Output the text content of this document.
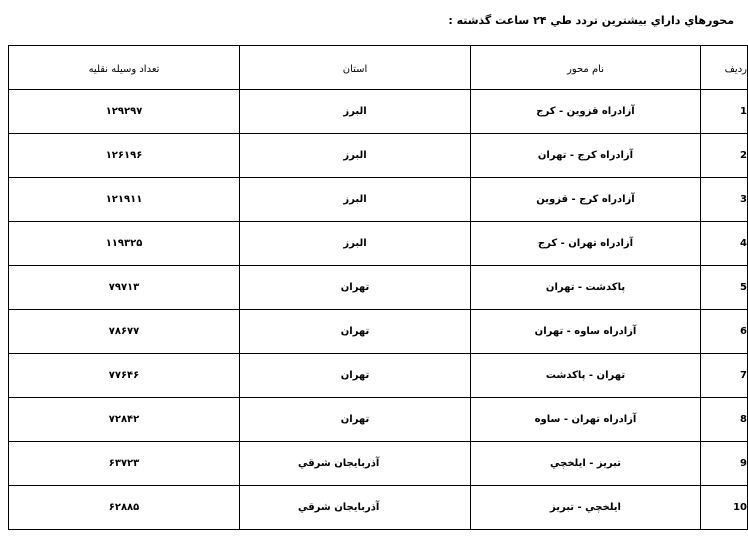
محورهاي داراي بيشترين تردد طي ۲۴ ساعت گذشته :
رديف	نام محور	استان	تعداد وسيله نقليه
1	آزادراه قزوين - كرج	البرز	۱۲۹۲۹۷
2	آزادراه كرج - تهران	البرز	۱۲۶۱۹۶
3	آزادراه كرج - قزوين	البرز	۱۲۱۹۱۱
4	آزادراه تهران - كرج	البرز	۱۱۹۳۲۵
5	پاكدشت - تهران	تهران	۷۹۷۱۳
6	آزادراه ساوه - تهران	تهران	۷۸۶۷۷
7	تهران - پاكدشت	تهران	۷۷۶۴۶
8	آزادراه تهران - ساوه	تهران	۷۲۸۴۲
9	تبريز - ايلخچي	آذربايجان شرقي	۶۳۷۲۳
10	ايلخچي - تبريز	آذربايجان شرقي	۶۲۸۸۵
